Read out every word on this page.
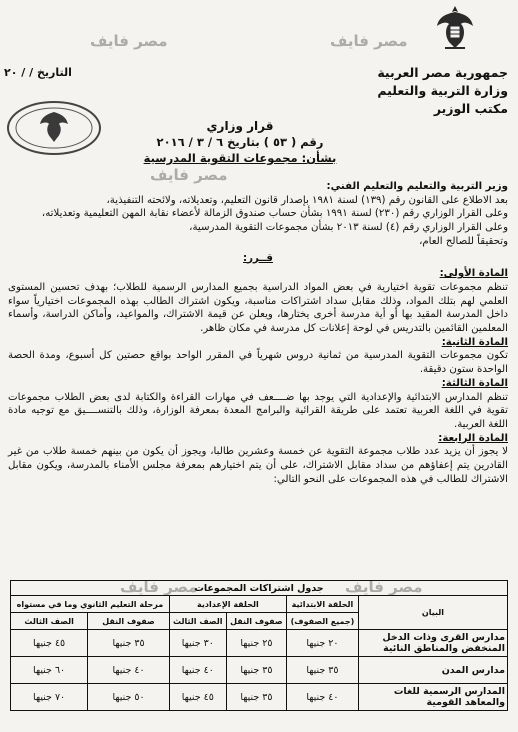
جمهورية مصر العربية
وزارة التربية والتعليم
مكتب الوزير
التاريخ / / ٢٠
مصر فايف	مصر فايف
مصر فايف
مصر فايف	مصر فايف
قرار وزاري
رقم ( ٥٣ ) بتاريخ ٦ / ٣ / ٢٠١٦
بشأن: مجموعات التقوية المدرسية

وزير التربية والتعليم والتعليم الفني:

بعد الاطلاع على القانون رقم (١٣٩) لسنة ١٩٨١ بإصدار قانون التعليم، وتعديلاته، ولائحته التنفيذية،

وعلى القرار الوزاري رقم (٢٣٠) لسنة ١٩٩١ بشأن حساب صندوق الزمالة لأعضاء نقابة المهن التعليمية وتعديلاته،

وعلى القرار الوزاري رقم (٤) لسنة ٢٠١٣ بشأن مجموعات التقوية المدرسية،

وتحقيقاً للصالح العام،

قــرر:

المادة الأولى:

تنظم مجموعات تقوية اختيارية في بعض المواد الدراسية بجميع المدارس الرسمية للطلاب؛ بهدف تحسين المستوى العلمي لهم بتلك المواد، وذلك مقابل سداد اشتراكات مناسبة، ويكون اشتراك الطالب بهذه المجموعات اختيارياً سواء داخل المدرسة المقيد بها أو أية مدرسة أخرى يختارها، ويعلن عن قيمة الاشتراك، والمواعيد، وأماكن الدراسة، وأسماء المعلمين القائمين بالتدريس في لوحة إعلانات كل مدرسة في مكان ظاهر.

المادة الثانية:

تكون مجموعات التقوية المدرسية من ثمانية دروس شهرياً في المقرر الواحد بواقع حصتين كل أسبوع، ومدة الحصة الواحدة ستون دقيقة.

المادة الثالثة:

تنظم المدارس الابتدائية والإعدادية التي يوجد بها ضــــعف في مهارات القراءة والكتابة لدى بعض الطلاب مجموعات تقوية في اللغة العربية تعتمد على طريقة القرائية والبرامج المعدة بمعرفة الوزارة، وذلك بالتنســــيق مع توجيه مادة اللغة العربية.

المادة الرابعة:

لا يجوز أن يزيد عدد طلاب مجموعة التقوية عن خمسة وعشرين طالبا، ويجوز أن يكون من بينهم خمسة طلاب من غير القادرين يتم إعفاؤهم من سداد مقابل الاشتراك، على أن يتم اختيارهم بمعرفة مجلس الأمناء بالمدرسة، ويكون مقابل الاشتراك للطالب في هذه المجموعات على النحو التالي:

جدول اشتراكات المجموعات					
البيان	الحلقة الابتدائية	الحلقة الإعدادية		مرحلة التعليم الثانوي وما في مستواه	
	(جميع الصفوف)	صفوف النقل	الصف الثالث	صفوف النقل	الصف الثالث
مدارس القرى وذات الدخل المنخفض والمناطق النائية	٢٠ جنيها	٢٥ جنيها	٣٠ جنيها	٣٥ جنيها	٤٥ جنيها
مدارس المدن	٣٥ جنيها	٣٥ جنيها	٤٠ جنيها	٤٠ جنيها	٦٠ جنيها
المدارس الرسمية للغات والمعاهد القومية	٤٠ جنيها	٣٥ جنيها	٤٥ جنيها	٥٠ جنيها	٧٠ جنيها
